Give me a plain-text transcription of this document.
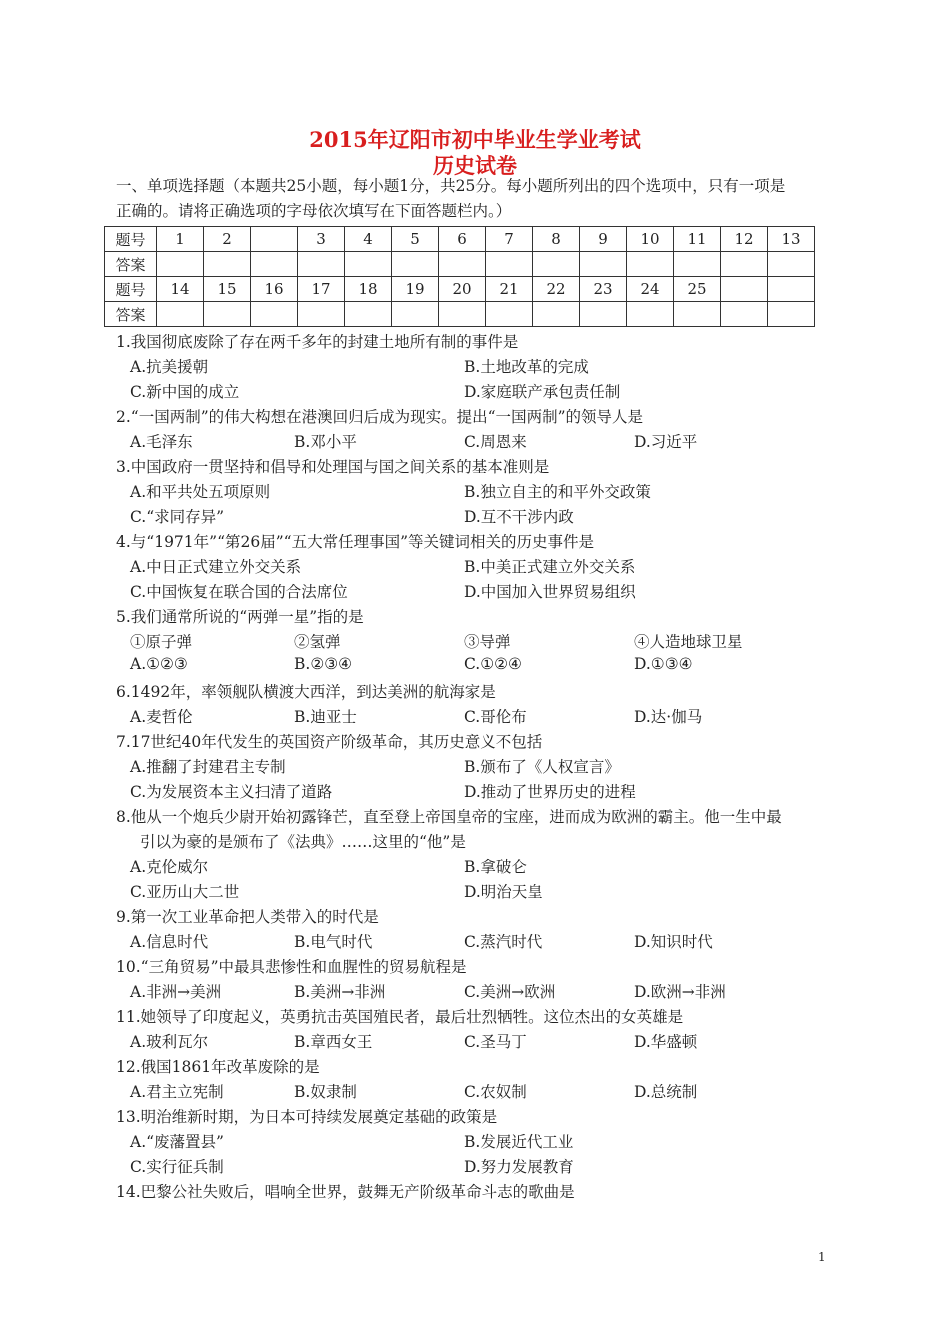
2015年辽阳市初中毕业生学业考试
历史试卷
一、单项选择题（本题共25小题，每小题1分，共25分。每小题所列出的四个选项中，只有一项是
正确的。请将正确选项的字母依次填写在下面答题栏内。）
题号	1	2		3	4	5	6	7	8	9	10	11	12	13
答案														
题号	14	15	16	17	18	19	20	21	22	23	24	25		
答案														
1.我国彻底废除了存在两千多年的封建土地所有制的事件是
A.抗美援朝	B.土地改革的完成
C.新中国的成立	D.家庭联产承包责任制
2.“一国两制”的伟大构想在港澳回归后成为现实。提出“一国两制”的领导人是
A.毛泽东	B.邓小平	C.周恩来	D.习近平
3.中国政府一贯坚持和倡导和处理国与国之间关系的基本准则是
A.和平共处五项原则	B.独立自主的和平外交政策
C.“求同存异”	D.互不干涉内政
4.与“1971年”“第26届”“五大常任理事国”等关键词相关的历史事件是
A.中日正式建立外交关系	B.中美正式建立外交关系
C.中国恢复在联合国的合法席位	D.中国加入世界贸易组织
5.我们通常所说的“两弹一星”指的是
①原子弹	②氢弹	③导弹	④人造地球卫星
A.①②③	B.②③④	C.①②④	D.①③④
6.1492年，率领舰队横渡大西洋，到达美洲的航海家是
A.麦哲伦	B.迪亚士	C.哥伦布	D.达·伽马
7.17世纪40年代发生的英国资产阶级革命，其历史意义不包括
A.推翻了封建君主专制	B.颁布了《人权宣言》
C.为发展资本主义扫清了道路	D.推动了世界历史的进程
8.他从一个炮兵少尉开始初露锋芒，直至登上帝国皇帝的宝座，进而成为欧洲的霸主。他一生中最
引以为豪的是颁布了《法典》……这里的“他”是
A.克伦威尔	B.拿破仑
C.亚历山大二世	D.明治天皇
9.第一次工业革命把人类带入的时代是
A.信息时代	B.电气时代	C.蒸汽时代	D.知识时代
10.“三角贸易”中最具悲惨性和血腥性的贸易航程是
A.非洲→美洲	B.美洲→非洲	C.美洲→欧洲	D.欧洲→非洲
11.她领导了印度起义，英勇抗击英国殖民者，最后壮烈牺牲。这位杰出的女英雄是
A.玻利瓦尔	B.章西女王	C.圣马丁	D.华盛顿
12.俄国1861年改革废除的是
A.君主立宪制	B.奴隶制	C.农奴制	D.总统制
13.明治维新时期，为日本可持续发展奠定基础的政策是
A.“废藩置县”	B.发展近代工业
C.实行征兵制	D.努力发展教育
14.巴黎公社失败后，唱响全世界，鼓舞无产阶级革命斗志的歌曲是
1
